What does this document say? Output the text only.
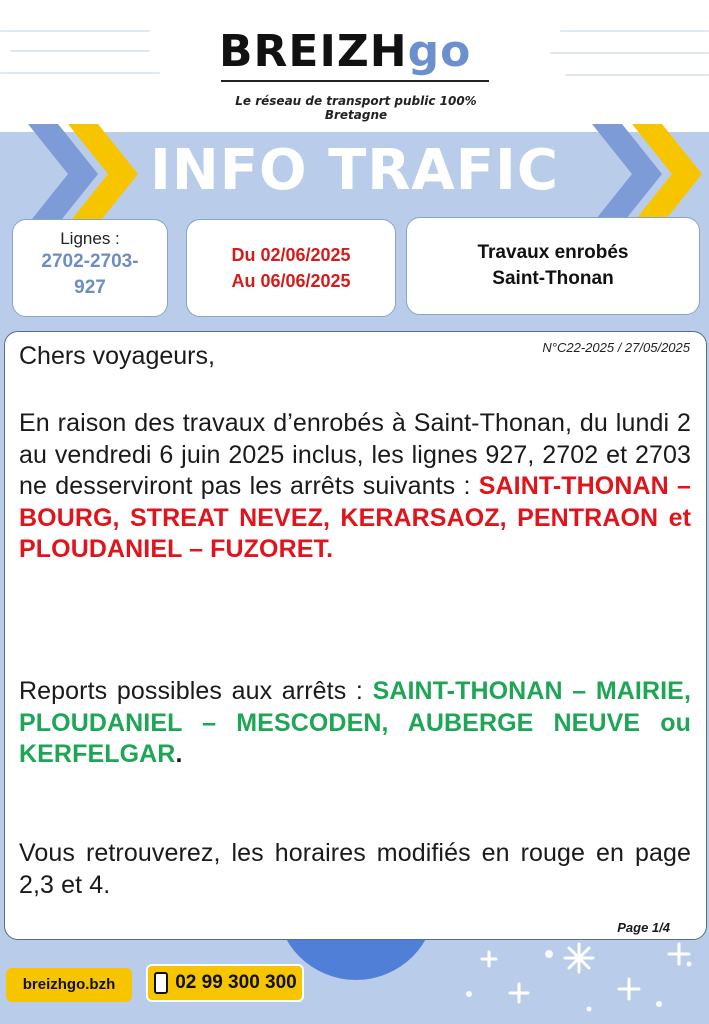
BREIZHgo
Le réseau de transport public 100% Bretagne
INFO TRAFIC
Lignes :
2702-2703-
927
Du 02/06/2025
Au 06/06/2025
Travaux enrobés
Saint-Thonan
N°C22-2025 / 27/05/2025
Chers voyageurs,

En raison des travaux d’enrobés à Saint-Thonan, du lundi 2 au vendredi 6 juin 2025 inclus, les lignes 927, 2702 et 2703 ne desserviront pas les arrêts suivants : SAINT-THONAN – BOURG, STREAT NEVEZ, KERARSAOZ, PENTRAON et PLOUDANIEL – FUZORET.

Reports possibles aux arrêts : SAINT-THONAN – MAIRIE, PLOUDANIEL – MESCODEN, AUBERGE NEUVE ou KERFELGAR.

Vous retrouverez, les horaires modifiés en rouge en page 2,3 et 4.

Page 1/4
breizhgo.bzh	02 99 300 300
